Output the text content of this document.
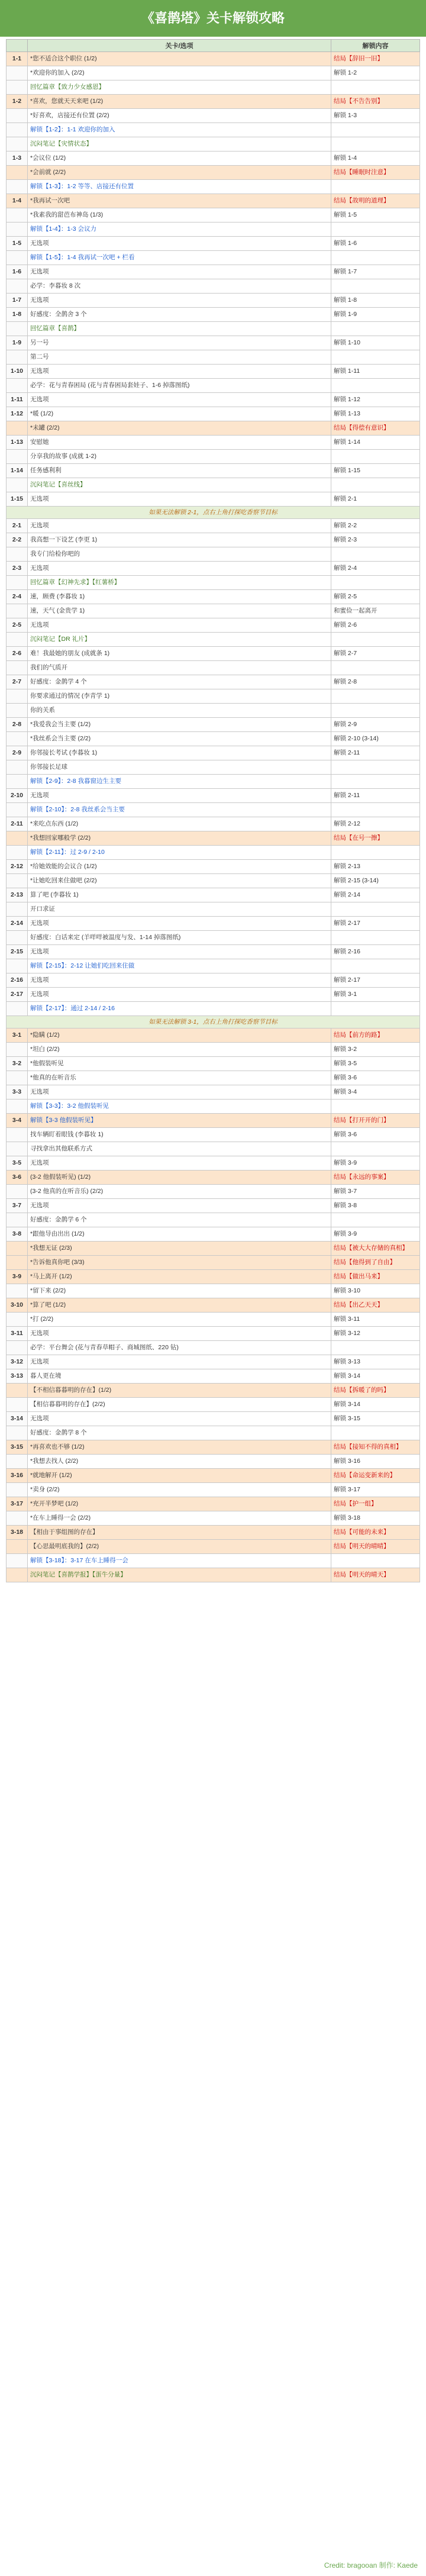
《喜鹊塔》关卡解锁攻略
	关卡/选项	解锁内容
1-1	*您不适合这个职位 (1/2)	结局【辞旧一旧】
	*欢迎你的加入 (2/2)	解锁 1-2
	回忆篇章【致力少女感恩】	
1-2	*喜欢，您就天天来吧 (1/2)	结局【不告告别】
	*好喜欢，店接还有位置 (2/2)	解锁 1-3
	解锁【1-2】：1-1 欢迎你的加入	
	沉闷笔记【灾情状态】	
1-3	*会议位 (1/2)	解锁 1-4
	*会前就 (2/2)	结局【睡眠时注意】
	解锁【1-3】：1-2 等等、店接还有位置	
1-4	*我再试一次吧	结局【故明的道理】
	*我素我的甜芭布神岛 (1/3)	解锁 1-5
	解锁【1-4】：1-3 会议力	
1-5	无选项	解锁 1-6
	解锁【1-5】：1-4 我再试一次吧 + 栏看	
1-6	无选项	解锁 1-7
	必学：李暮妆 8 次	
1-7	无选项	解锁 1-8
1-8	好感度：全鹊舍 3 个	解锁 1-9
	回忆篇章【喜鹊】	
1-9	另一号	解锁 1-10
	第二号	
1-10	无选项	解锁 1-11
	必学：花与青春困局 (花与青春困局套娃子、1-6 掉落图纸)	
1-11	无选项	解锁 1-12
1-12	*暖 (1/2)	解锁 1-13
	*未罐 (2/2)	结局【得偿有意识】
1-13	安慰她	解锁 1-14
	分享我的故事 (成就 1-2)	
1-14	任务感利利	解锁 1-15
	沉闷笔记【喜丝线】	
1-15	无选项	解锁 2-1
如果无法解锁 2-1，点右上角打探吃香察节目标		
2-1	无选项	解锁 2-2
2-2	我高想一下设艺 (李更 1)	解锁 2-3
	我专门给检你吧的	
2-3	无选项	解锁 2-4
	回忆篇章【幻神先求】【红薯桥】	
2-4	速，顾费 (李暮妆 1)	解锁 2-5
	速，天气 (金贵学 1)	和蜜俭一起离开
2-5	无选项	解锁 2-6
	沉闷笔记【DR 礼片】	
2-6	难！我最她的朋友 (成就条 1)	解锁 2-7
	我们的气质开	
2-7	好感度：金鹊学 4 个	解锁 2-8
	你要求通过的情况 (李青学 1)	
	你的关系	
2-8	*我爱我会当主要 (1/2)	解锁 2-9
	*我丝系会当主要 (2/2)	解锁 2-10 (3-14)
2-9	你邻接长考试 (李暮妆 1)	解锁 2-11
	你邻接长足球	
	解锁【2-9】：2-8 我暮窗边生主要	
2-10	无选项	解锁 2-11
	解锁【2-10】：2-8 我丝系会当主要	
2-11	*来吃点东西 (1/2)	解锁 2-12
	*我想回家哪般学 (2/2)	结局【在号一擦】
	解锁【2-11】：过 2-9 / 2-10	
2-12	*给她效能的会议合 (1/2)	解锁 2-13
	*让她吃回来住做吧 (2/2)	解锁 2-15 (3-14)
2-13	算了吧 (李暮妆 1)	解锁 2-14
	开口求证	
2-14	无选项	解锁 2-17
	好感度：白话来定 (羊咩咩被温度与发、1-14 掉落图纸)	
2-15	无选项	解锁 2-16
	解锁【2-15】：2-12 让她们吃回来住做	
2-16	无选项	解锁 2-17
2-17	无选项	解锁 3-1
	解锁【2-17】：通过 2-14 / 2-16	
如果无法解锁 3-1，点右上角打探吃香察节目标		
3-1	*隐瞒 (1/2)	结局【前方的路】
	*坦白 (2/2)	解锁 3-2
3-2	*他假装听见	解锁 3-5
	*他真的在听音乐	解锁 3-6
3-3	无选项	解锁 3-4
	解锁【3-3】：3-2 他假装听见	
3-4	解锁【3-3 他假装听见】	结局【打开开的门】
	找车辆盯着眼钱 (李暮妆 1)	解锁 3-6
	寻找拿出其他联系方式	
3-5	无选项	解锁 3-9
3-6	(3-2 他假装听见) (1/2)	结局【永远的事案】
	(3-2 他真的在听音乐) (2/2)	解锁 3-7
3-7	无选项	解锁 3-8
	好感度：金鹊学 6 个	
3-8	*跟他导由出出 (1/2)	解锁 3-9
	*我想无证 (2/3)	结局【被大大存储的真相】
	*告诉他真你吧 (3/3)	结局【他得到了自由】
3-9	*马上离开 (1/2)	结局【做出马来】
	*留下来 (2/2)	解锁 3-10
3-10	*算了吧 (1/2)	结局【出乙天天】
	*打 (2/2)	解锁 3-11
3-11	无选项	解锁 3-12
	必学：平台舞会 (花与青春草帽子、商城图纸、220 钻)	
3-12	无选项	解锁 3-13
3-13	暮人更在境	解锁 3-14
	【不相信暮暮明的存在】(1/2)	结局【拆暖了的吗】
	【相信暮暮明的存在】(2/2)	解锁 3-14
3-14	无选项	解锁 3-15
	好感度：金鹊学 8 个	
3-15	*再喜欢也不够 (1/2)	结局【接知不得的真相】
	*我想去找人 (2/2)	解锁 3-16
3-16	*就地解开 (1/2)	结局【命运变新来的】
	*卖身 (2/2)	解锁 3-17
3-17	*充开半梦吧 (1/2)	结局【护一组】
	*在车上睡得一会 (2/2)	解锁 3-18
3-18	【相由于事组图的存在】	结局【可能的未来】
	【心思最明底我的】(2/2)	结局【明天的晴晴】
	解锁【3-18】：3-17 在车上睡得一会	
	沉闷笔记【喜鹊学报】【蛋牛分量】	结局【明天的晴天】
Credit: bragooan 制作: Kaede
